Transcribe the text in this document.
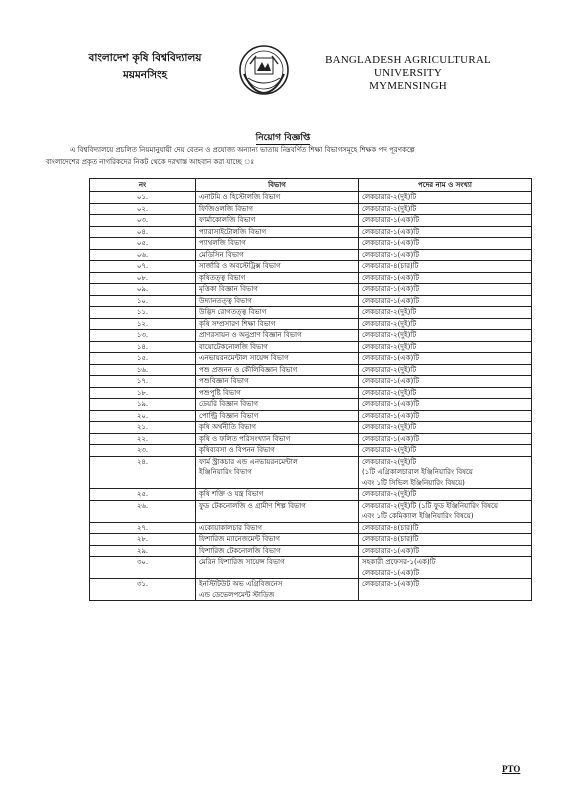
বাংলাদেশ কৃষি বিশ্ববিদ্যালয়
ময়মনসিংহ
BANGLADESH AGRICULTURAL UNIVERSITY
MYMENSINGH
নিয়োগ বিজ্ঞপ্তি
এ বিশ্ববিদ্যালয়ে প্রচলিত নিয়মানুযায়ী দেয় বেতন ও প্রযোজ্য অন্যান্য ভাতায় নিম্নবর্ণিত শিক্ষা বিভাগসমূহে শিক্ষক পদ পূরণকল্পে
বাংলাদেশের প্রকৃত নাগরিকদের নিকট থেকে দরখাস্ত আহবান করা যাচ্ছে ঃ
নং	বিভাগ	পদের নাম ও সংখ্যা
০১.	এনাটমি ও হিস্টোলজি বিভাগ	লেকচারার-২(দুই)টি

০২.	ফিজিওলজি বিভাগ	লেকচারার-২(দুই)টি

০৩.	ফার্মাকোলজি বিভাগ	লেকচারার-১(এক)টি

০৪.	প্যারাসাইটোলজি বিভাগ	লেকচারার-১(এক)টি

০৫.	প্যাথলজি বিভাগ	লেকচারার-১(এক)টি

০৬.	মেডিসিন বিভাগ	লেকচারার-১(এক)টি

০৭.	সার্জারি ও অবস্টেট্রিক্স বিভাগ	লেকচারার-৪(চার)টি

০৮.	কৃষিতত্ত্ব বিভাগ	লেকচারার-১(এক)টি

০৯.	মৃত্তিকা বিজ্ঞান বিভাগ	লেকচারার-১(এক)টি

১০.	উদ্যানতত্ত্ব বিভাগ	লেকচারার-১(এক)টি

১১.	উদ্ভিদ রোগতত্ত্ব বিভাগ	লেকচারার-২(দুই)টি

১২.	কৃষি সম্প্রসারণ শিক্ষা বিভাগ	লেকচারার-২(দুই)টি

১৩.	প্রাণরসায়ন ও অনুপ্রাণ বিজ্ঞান বিভাগ	লেকচারার-২(দুই)টি

১৪.	বায়োটেকনোলজি বিভাগ	লেকচারার-২(দুই)টি

১৫.	এনভায়রনমেন্টাল সায়েন্স বিভাগ	লেকচারার-১(এক)টি

১৬.	পশু প্রজনন ও কৌলিবিজ্ঞান বিভাগ	লেকচারার-২(দুই)টি

১৭.	পশুবিজ্ঞান বিভাগ	লেকচারার-১(এক)টি

১৮.	পশুপুষ্টি বিভাগ	লেকচারার-২(দুই)টি

১৯.	ডেয়রি বিজ্ঞান বিভাগ	লেকচারার-১(এক)টি

২০.	পোল্ট্রি বিজ্ঞান বিভাগ	লেকচারার-১(এক)টি

২১.	কৃষি অর্থনীতি বিভাগ	লেকচারার-২(দুই)টি

২২.	কৃষি ও ফলিত পরিসংখ্যান বিভাগ	লেকচারার-১(এক)টি

২৩.	কৃষিব্যবসা ও বিপনন বিভাগ	লেকচারার-২(দুই)টি

২৪.	ফার্ম স্ট্রাকচার এন্ড এনভায়রনমেন্টাল
ইঞ্জিনিয়ারিং বিভাগ	লেকচারার-২(দুই)টি
(১টি এগ্রিকালচারাল ইঞ্জিনিয়ারিং বিষয়ে
এবং ১টি সিভিল ইঞ্জিনিয়ারিং বিষয়ে)

২৫.	কৃষি শক্তি ও যন্ত্র বিভাগ	লেকচারার-২(দুই)টি

২৬.	ফুড টেকনোলজি ও গ্রামীণ শিল্প বিভাগ	লেকচারার-২(দুই)টি (১টি ফুড ইঞ্জিনিয়ারিং বিষয়ে
এবং ১টি কেমিক্যাল ইঞ্জিনিয়ারিং বিষয়ে)

২৭.	একোয়াকালচার বিভাগ	লেকচারার-৪(চার)টি

২৮.	ফিশারিজ ম্যানেজমেন্ট বিভাগ	লেকচারার-৪(চার)টি

২৯.	ফিশারিজ টেকনোলজি বিভাগ	লেকচারার-১(এক)টি

৩০.	মেরিন ফিশারিজ সায়েন্স বিভাগ	সহকারী প্রফেসর-১(এক)টি
লেকচারার-১(এক)টি

৩১.	ইনস্টিটিউট অভ এগ্রিবিজনেস
এন্ড ডেভেলপমেন্ট স্টাডিজ	লেকচারার-১(এক)টি
PTO
